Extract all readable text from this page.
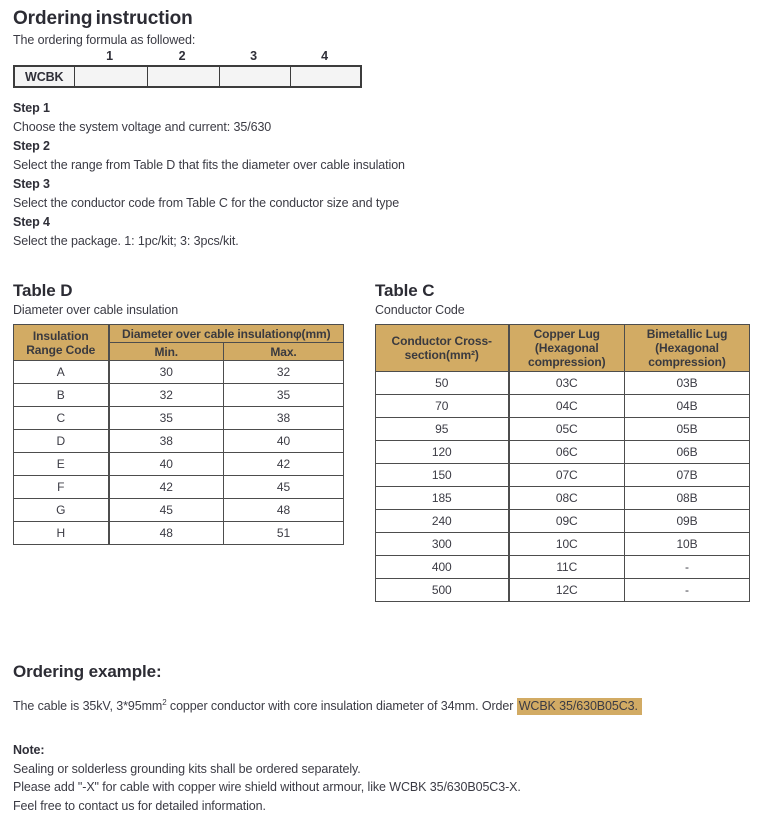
Ordering instruction

The ordering formula as followed:

1	2	3	4
WCBK				
Step 1
Choose the system voltage and current: 35/630
Step 2
Select the range from Table D that fits the diameter over cable insulation
Step 3
Select the conductor code from Table C for the conductor size and type
Step 4
Select the package. 1: 1pc/kit; 3: 3pcs/kit.
Table D
Diameter over cable insulation
Insulation Range Code	Diameter over cable insulationφ(mm)	
	Min.	Max.
A	30	32
B	32	35
C	35	38
D	38	40
E	40	42
F	42	45
G	45	48
H	48	51
Table C
Conductor Code
Conductor Cross-section(mm²)	Copper Lug (Hexagonal compression)	Bimetallic Lug (Hexagonal compression)
50	03C	03B
70	04C	04B
95	05C	05B
120	06C	06B
150	07C	07B
185	08C	08B
240	09C	09B
300	10C	10B
400	11C	-
500	12C	-
Ordering example:

The cable is 35kV, $3*95mm^2$ copper conductor with core insulation diameter of 34mm. Order WCBK 35/630B05C3.

Note:
Sealing or solderless grounding kits shall be ordered separately.
Please add "-X" for cable with copper wire shield without armour, like WCBK 35/630B05C3-X.
Feel free to contact us for detailed information.
